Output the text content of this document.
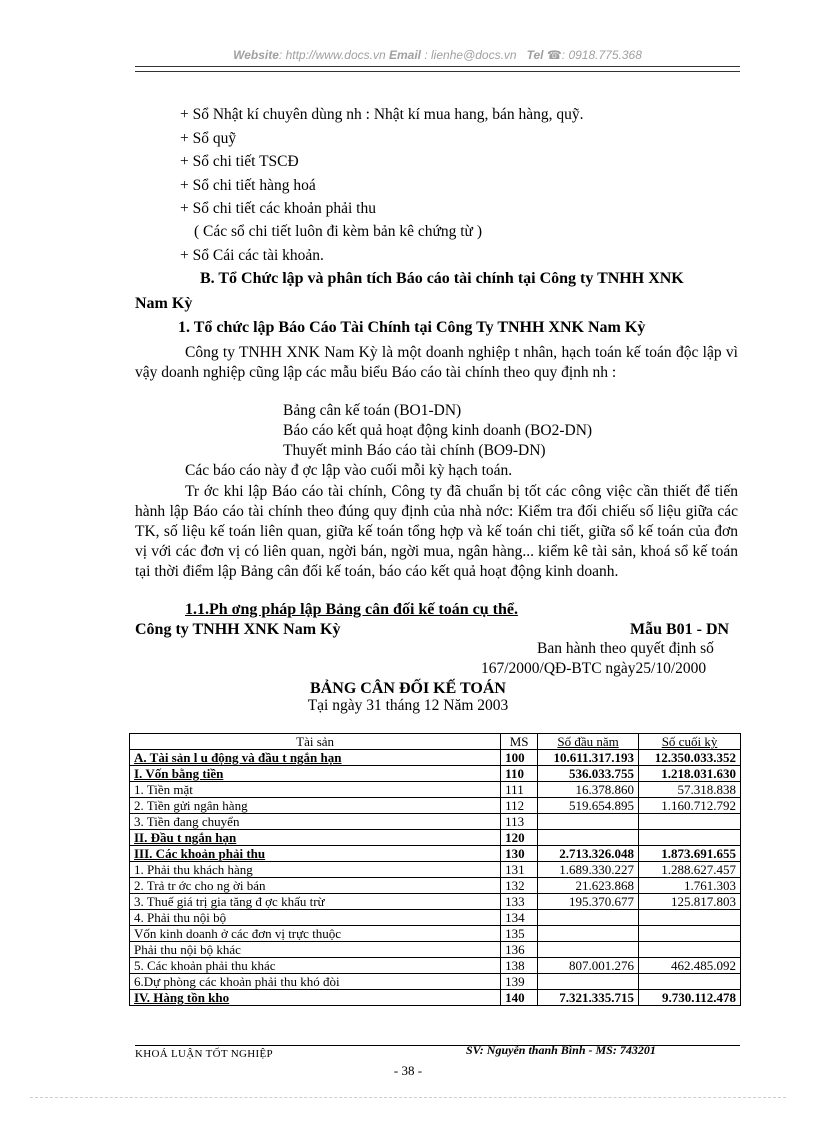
Website: http://www.docs.vn Email : lienhe@docs.vn Tel ☎: 0918.775.368
+ Sổ Nhật kí chuyên dùng nh : Nhật kí mua hang, bán hàng, quỹ.
+ Sổ quỹ
+ Sổ chi tiết TSCĐ
+ Sổ chi tiết hàng hoá
+ Sổ chi tiết các khoản phải thu
( Các sổ chi tiết luôn đi kèm bản kê chứng từ )
+ Sổ Cái các tài khoản.
B. Tổ Chức lập và phân tích Báo cáo tài chính tại Công ty TNHH XNK
Nam Kỳ
1. Tổ chức lập Báo Cáo Tài Chính tại Công Ty TNHH XNK Nam Kỳ
Công ty TNHH XNK Nam Kỳ là một doanh nghiệp t nhân, hạch toán kế toán độc lập vì vậy doanh nghiệp cũng lập các mẫu biểu Báo cáo tài chính theo quy định nh :
Bảng cân kế toán (BO1-DN)
Báo cáo kết quả hoạt động kinh doanh (BO2-DN)
Thuyết minh Báo cáo tài chính (BO9-DN)
Các báo cáo này đ ợc lập vào cuối mỗi kỳ hạch toán.
Tr ớc khi lập Báo cáo tài chính, Công ty đã chuẩn bị tốt các công việc cần thiết để tiến hành lập Báo cáo tài chính theo đúng quy định của nhà nớc: Kiểm tra đối chiếu số liệu giữa các TK, số liệu kế toán liên quan, giữa kế toán tổng hợp và kế toán chi tiết, giữa sổ kế toán của đơn vị với các đơn vị có liên quan, ngời bán, ngời mua, ngân hàng... kiểm kê tài sản, khoá sổ kế toán tại thời điểm lập Bảng cân đối kế toán, báo cáo kết quả hoạt động kinh doanh.
1.1.Ph ơng pháp lập Bảng cân đối kế toán cụ thể.
Công ty TNHH XNK Nam Kỳ	Mẫu B01 - DN
Ban hành theo quyết định số
167/2000/QĐ-BTC ngày25/10/2000
BẢNG CÂN ĐỐI KẾ TOÁN
Tại ngày 31 tháng 12 Năm 2003
Tài sản	MS	Số đầu năm	Số cuối kỳ
A. Tài sản l u động và đầu t ngắn hạn	100	10.611.317.193	12.350.033.352
I. Vốn bằng tiền	110	536.033.755	1.218.031.630
1. Tiền mặt	111	16.378.860	57.318.838
2. Tiền gửi ngân hàng	112	519.654.895	1.160.712.792
3. Tiền đang chuyển	113		
II. Đầu t ngắn hạn	120		
III. Các khoản phải thu	130	2.713.326.048	1.873.691.655
1. Phải thu khách hàng	131	1.689.330.227	1.288.627.457
2. Trả tr ớc cho ng ời bán	132	21.623.868	1.761.303
3. Thuế giá trị gia tăng đ ợc khấu trừ	133	195.370.677	125.817.803
4. Phải thu nội bộ	134		
Vốn kinh doanh ở các đơn vị trực thuộc	135		
Phải thu nội bộ khác	136		
5. Các khoản phải thu khác	138	807.001.276	462.485.092
6.Dự phòng các khoản phải thu khó đòi	139		
IV. Hàng tồn kho	140	7.321.335.715	9.730.112.478
KHOÁ LUẬN TỐT NGHIỆP	SV: Nguyễn thanh Bình - MS: 743201
- 38 -
